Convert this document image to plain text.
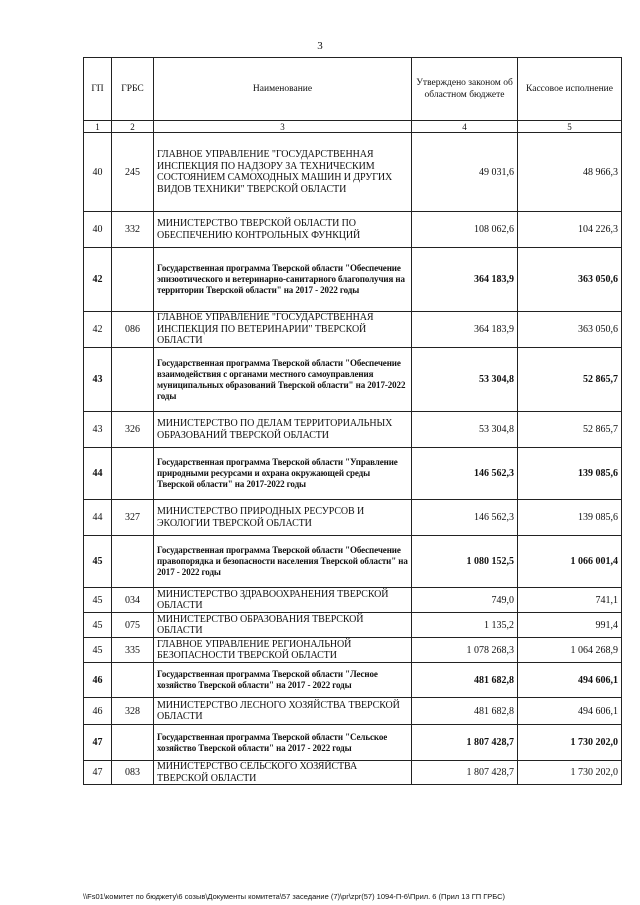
3
ГП	ГРБС	Наименование	Утверждено законом об областном бюджете	Кассовое исполнение
1	2	3	4	5
40	245	ГЛАВНОЕ УПРАВЛЕНИЕ "ГОСУДАРСТВЕННАЯ ИНСПЕКЦИЯ ПО НАДЗОРУ ЗА ТЕХНИЧЕСКИМ СОСТОЯНИЕМ САМОХОДНЫХ МАШИН И ДРУГИХ ВИДОВ ТЕХНИКИ" ТВЕРСКОЙ ОБЛАСТИ	49 031,6	48 966,3
40	332	МИНИСТЕРСТВО ТВЕРСКОЙ ОБЛАСТИ ПО ОБЕСПЕЧЕНИЮ КОНТРОЛЬНЫХ ФУНКЦИЙ	108 062,6	104 226,3
42		Государственная программа Тверской области "Обеспечение эпизоотического и ветеринарно-санитарного благополучия на территории Тверской области" на 2017 - 2022 годы	364 183,9	363 050,6
42	086	ГЛАВНОЕ УПРАВЛЕНИЕ "ГОСУДАРСТВЕННАЯ ИНСПЕКЦИЯ ПО ВЕТЕРИНАРИИ" ТВЕРСКОЙ ОБЛАСТИ	364 183,9	363 050,6
43		Государственная программа Тверской области "Обеспечение взаимодействия с органами местного самоуправления муниципальных образований Тверской области" на 2017-2022 годы	53 304,8	52 865,7
43	326	МИНИСТЕРСТВО ПО ДЕЛАМ ТЕРРИТОРИАЛЬНЫХ ОБРАЗОВАНИЙ ТВЕРСКОЙ ОБЛАСТИ	53 304,8	52 865,7
44		Государственная программа Тверской области "Управление природными ресурсами и охрана окружающей среды Тверской области" на 2017-2022 годы	146 562,3	139 085,6
44	327	МИНИСТЕРСТВО ПРИРОДНЫХ РЕСУРСОВ И ЭКОЛОГИИ ТВЕРСКОЙ ОБЛАСТИ	146 562,3	139 085,6
45		Государственная программа Тверской области "Обеспечение правопорядка и безопасности населения Тверской области" на 2017 - 2022 годы	1 080 152,5	1 066 001,4
45	034	МИНИСТЕРСТВО ЗДРАВООХРАНЕНИЯ ТВЕРСКОЙ ОБЛАСТИ	749,0	741,1
45	075	МИНИСТЕРСТВО ОБРАЗОВАНИЯ ТВЕРСКОЙ ОБЛАСТИ	1 135,2	991,4
45	335	ГЛАВНОЕ УПРАВЛЕНИЕ РЕГИОНАЛЬНОЙ БЕЗОПАСНОСТИ ТВЕРСКОЙ ОБЛАСТИ	1 078 268,3	1 064 268,9
46		Государственная программа Тверской области "Лесное хозяйство Тверской области" на 2017 - 2022 годы	481 682,8	494 606,1
46	328	МИНИСТЕРСТВО ЛЕСНОГО ХОЗЯЙСТВА ТВЕРСКОЙ ОБЛАСТИ	481 682,8	494 606,1
47		Государственная программа Тверской области "Сельское хозяйство Тверской области" на 2017 - 2022 годы	1 807 428,7	1 730 202,0
47	083	МИНИСТЕРСТВО СЕЛЬСКОГО ХОЗЯЙСТВА ТВЕРСКОЙ ОБЛАСТИ	1 807 428,7	1 730 202,0
\\Fs01\комитет по бюджету\6 созыв\Документы комитета\57 заседание (7)\pr\zpr(57) 1094-П-6\Прил. 6 (Прил 13 ГП ГРБС)
